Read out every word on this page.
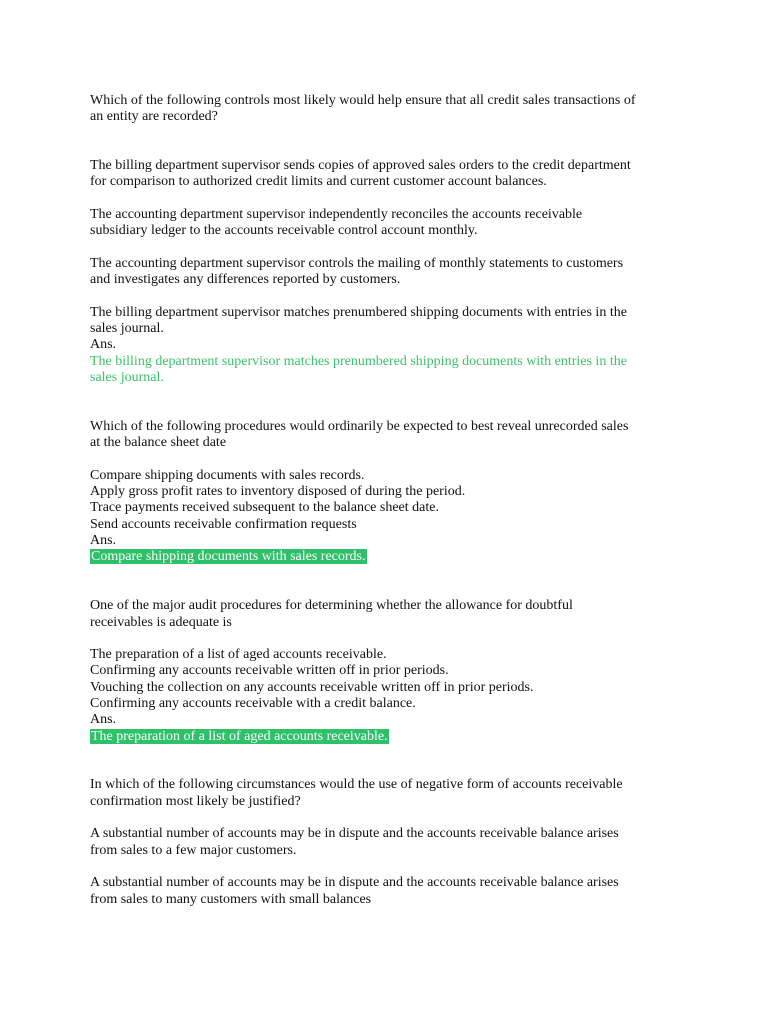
Which of the following controls most likely would help ensure that all credit sales transactions of
an entity are recorded?
The billing department supervisor sends copies of approved sales orders to the credit department
for comparison to authorized credit limits and current customer account balances.
The accounting department supervisor independently reconciles the accounts receivable
subsidiary ledger to the accounts receivable control account monthly.
The accounting department supervisor controls the mailing of monthly statements to customers
and investigates any differences reported by customers.
The billing department supervisor matches prenumbered shipping documents with entries in the
sales journal.
Ans.
The billing department supervisor matches prenumbered shipping documents with entries in the
sales journal.
Which of the following procedures would ordinarily be expected to best reveal unrecorded sales
at the balance sheet date
Compare shipping documents with sales records.
Apply gross profit rates to inventory disposed of during the period.
Trace payments received subsequent to the balance sheet date.
Send accounts receivable confirmation requests
Ans.
Compare shipping documents with sales records.
One of the major audit procedures for determining whether the allowance for doubtful
receivables is adequate is
The preparation of a list of aged accounts receivable.
Confirming any accounts receivable written off in prior periods.
Vouching the collection on any accounts receivable written off in prior periods.
Confirming any accounts receivable with a credit balance.
Ans.
The preparation of a list of aged accounts receivable.
In which of the following circumstances would the use of negative form of accounts receivable
confirmation most likely be justified?
A substantial number of accounts may be in dispute and the accounts receivable balance arises
from sales to a few major customers.
A substantial number of accounts may be in dispute and the accounts receivable balance arises
from sales to many customers with small balances
